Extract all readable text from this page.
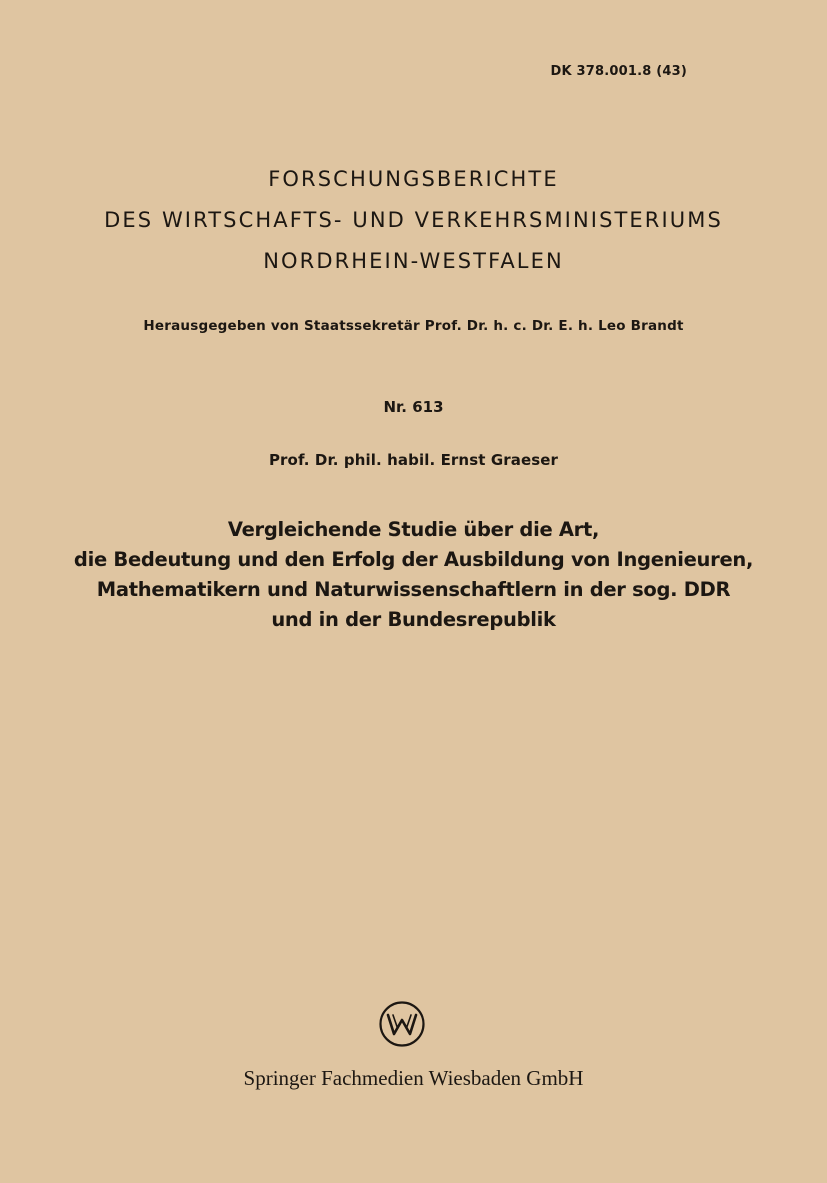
DK 378.001.8 (43)
FORSCHUNGSBERICHTE
DES WIRTSCHAFTS- UND VERKEHRSMINISTERIUMS
NORDRHEIN-WESTFALEN
Herausgegeben von Staatssekretär Prof. Dr. h. c. Dr. E. h. Leo Brandt
Nr. 613
Prof. Dr. phil. habil. Ernst Graeser
Vergleichende Studie über die Art,
die Bedeutung und den Erfolg der Ausbildung von Ingenieuren,
Mathematikern und Naturwissenschaftlern in der sog. DDR
und in der Bundesrepublik
Springer Fachmedien Wiesbaden GmbH
